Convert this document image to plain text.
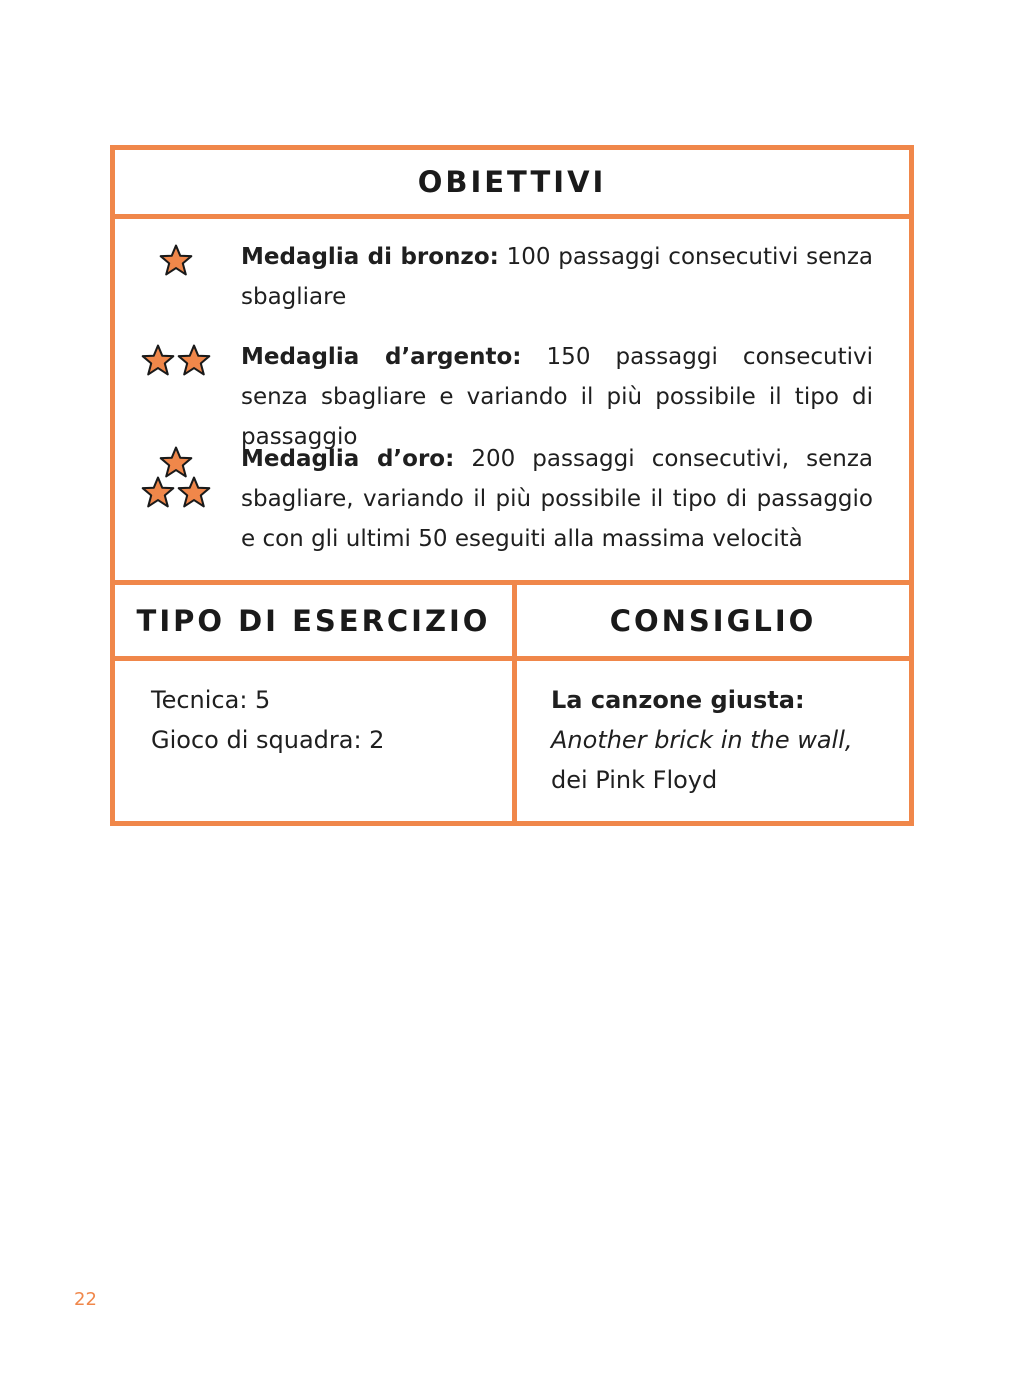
OBIETTIVI
Medaglia di bronzo: 100 passaggi consecutivi senza sbagliare
Medaglia d’argento: 150 passaggi consecutivi senza sbagliare e variando il più possibile il tipo di passaggio
Medaglia d’oro: 200 passaggi consecutivi, senza sbagliare, variando il più possibile il tipo di passaggio e con gli ultimi 50 eseguiti alla massima velocità
TIPO DI ESERCIZIO	CONSIGLIO
Tecnica: 5
Gioco di squadra: 2
La canzone giusta:
Another brick in the wall,
dei Pink Floyd
22
